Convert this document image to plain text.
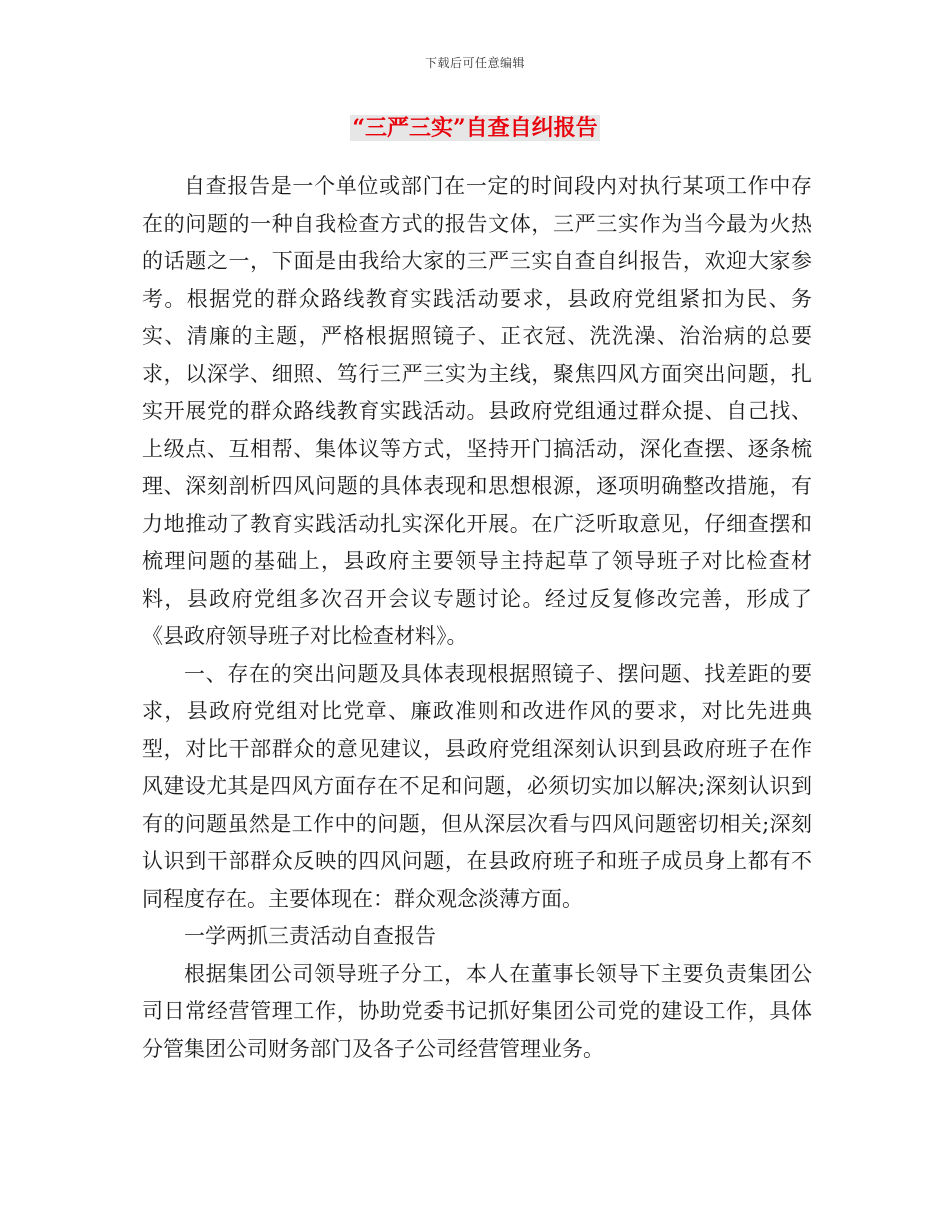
下载后可任意编辑
“三严三实”自查自纠报告

自查报告是一个单位或部门在一定的时间段内对执行某项工作中存在的问题的一种自我检查方式的报告文体，三严三实作为当今最为火热的话题之一，下面是由我给大家的三严三实自查自纠报告，欢迎大家参考。根据党的群众路线教育实践活动要求，县政府党组紧扣为民、务实、清廉的主题，严格根据照镜子、正衣冠、洗洗澡、治治病的总要求，以深学、细照、笃行三严三实为主线，聚焦四风方面突出问题，扎实开展党的群众路线教育实践活动。县政府党组通过群众提、自己找、上级点、互相帮、集体议等方式，坚持开门搞活动，深化查摆、逐条梳理、深刻剖析四风问题的具体表现和思想根源，逐项明确整改措施，有力地推动了教育实践活动扎实深化开展。在广泛听取意见，仔细查摆和梳理问题的基础上，县政府主要领导主持起草了领导班子对比检查材料，县政府党组多次召开会议专题讨论。经过反复修改完善，形成了《县政府领导班子对比检查材料》。

一、存在的突出问题及具体表现根据照镜子、摆问题、找差距的要求，县政府党组对比党章、廉政准则和改进作风的要求，对比先进典型，对比干部群众的意见建议，县政府党组深刻认识到县政府班子在作风建设尤其是四风方面存在不足和问题，必须切实加以解决;深刻认识到有的问题虽然是工作中的问题，但从深层次看与四风问题密切相关;深刻认识到干部群众反映的四风问题，在县政府班子和班子成员身上都有不同程度存在。主要体现在：群众观念淡薄方面。

一学两抓三责活动自查报告

根据集团公司领导班子分工，本人在董事长领导下主要负责集团公司日常经营管理工作，协助党委书记抓好集团公司党的建设工作，具体分管集团公司财务部门及各子公司经营管理业务。
